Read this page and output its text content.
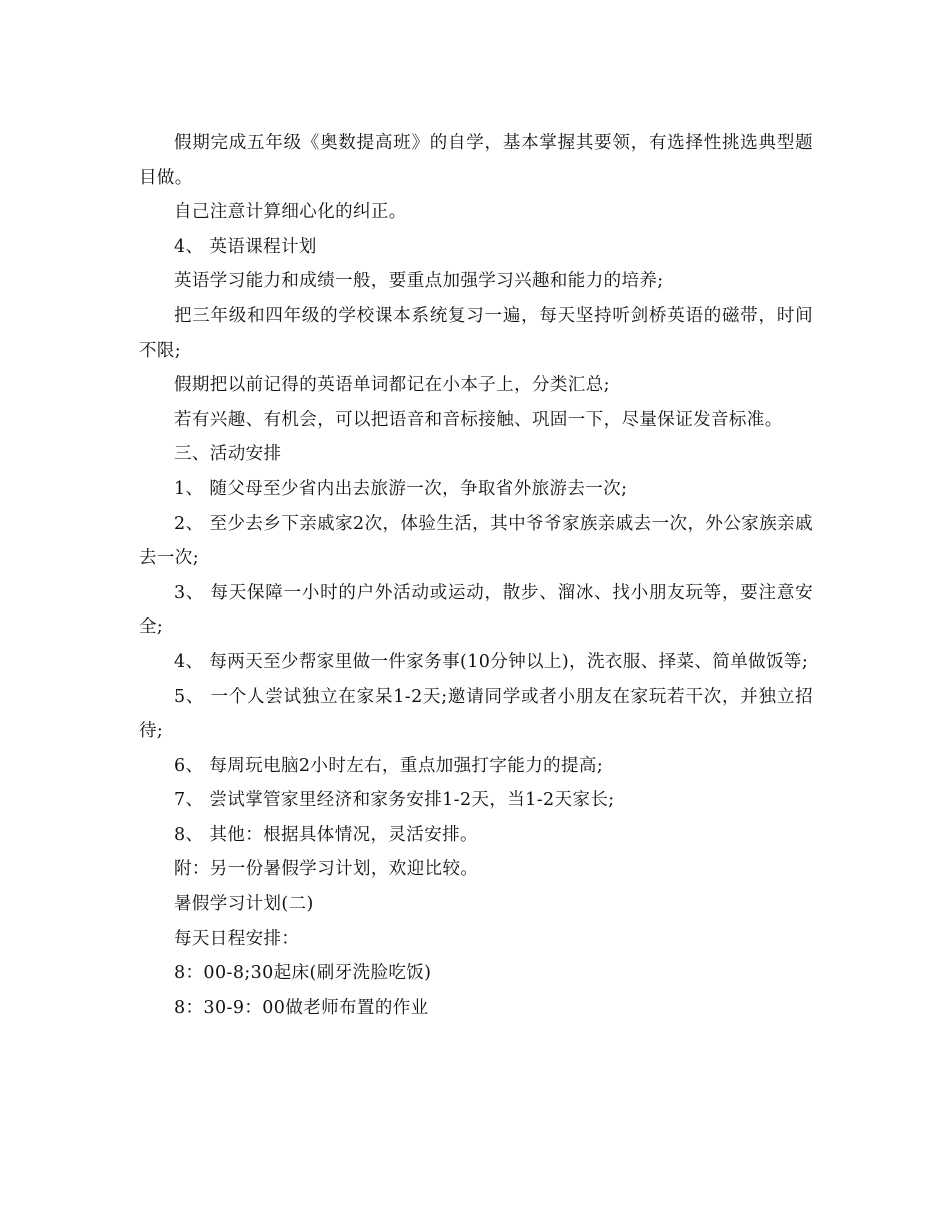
假期完成五年级《奥数提高班》的自学，基本掌握其要领，有选择性挑选典型题目做。

自己注意计算细心化的纠正。

4、 英语课程计划

英语学习能力和成绩一般，要重点加强学习兴趣和能力的培养;

把三年级和四年级的学校课本系统复习一遍，每天坚持听剑桥英语的磁带，时间不限;

假期把以前记得的英语单词都记在小本子上，分类汇总;

若有兴趣、有机会，可以把语音和音标接触、巩固一下，尽量保证发音标准。

三、活动安排

1、 随父母至少省内出去旅游一次，争取省外旅游去一次;

2、 至少去乡下亲戚家2次，体验生活，其中爷爷家族亲戚去一次，外公家族亲戚去一次;

3、 每天保障一小时的户外活动或运动，散步、溜冰、找小朋友玩等，要注意安全;

4、 每两天至少帮家里做一件家务事(10分钟以上)，洗衣服、择菜、简单做饭等;

5、 一个人尝试独立在家呆1-2天;邀请同学或者小朋友在家玩若干次，并独立招待;

6、 每周玩电脑2小时左右，重点加强打字能力的提高;

7、 尝试掌管家里经济和家务安排1-2天，当1-2天家长;

8、 其他：根据具体情况，灵活安排。

附：另一份暑假学习计划，欢迎比较。

暑假学习计划(二)

每天日程安排：

8：00-8;30起床(刷牙洗脸吃饭)

8：30-9：00做老师布置的作业
